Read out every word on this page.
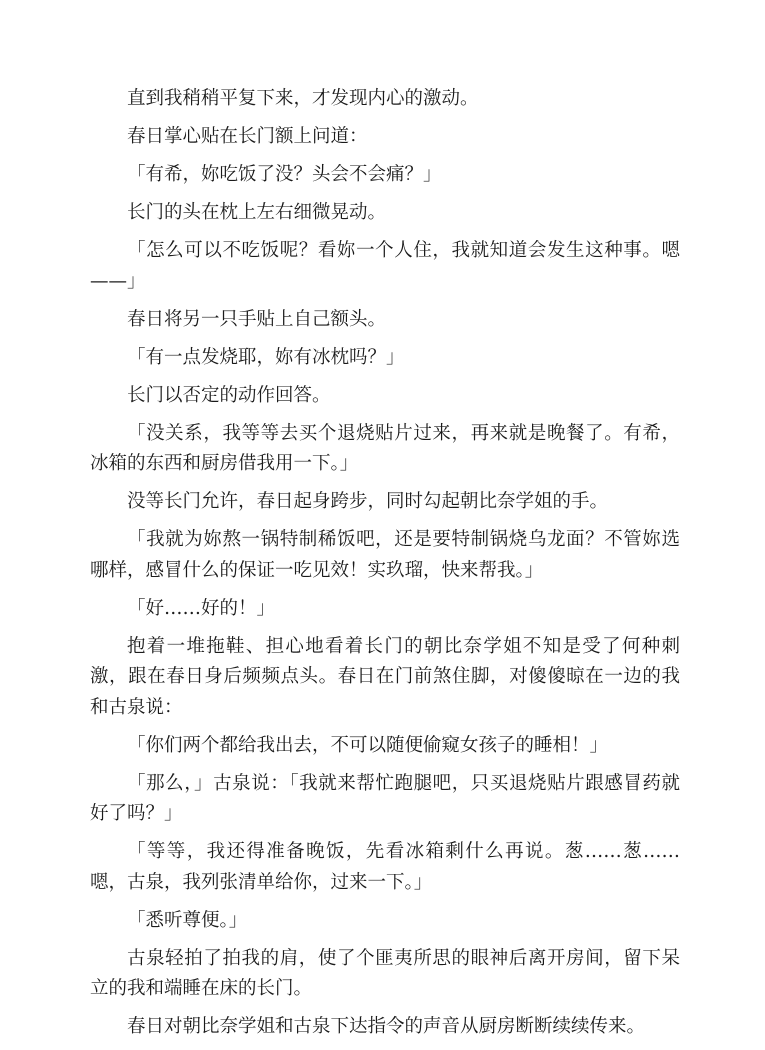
直到我稍稍平复下来，才发现内心的激动。

春日掌心贴在长门额上问道：

「有希，妳吃饭了没？头会不会痛？」

长门的头在枕上左右细微晃动。

「怎么可以不吃饭呢？看妳一个人住，我就知道会发生这种事。嗯——」

春日将另一只手贴上自己额头。

「有一点发烧耶，妳有冰枕吗？」

长门以否定的动作回答。

「没关系，我等等去买个退烧贴片过来，再来就是晚餐了。有希，冰箱的东西和厨房借我用一下。」

没等长门允许，春日起身跨步，同时勾起朝比奈学姐的手。

「我就为妳熬一锅特制稀饭吧，还是要特制锅烧乌龙面？不管妳选哪样，感冒什么的保证一吃见效！实玖瑠，快来帮我。」

「好……好的！」

抱着一堆拖鞋、担心地看着长门的朝比奈学姐不知是受了何种刺激，跟在春日身后频频点头。春日在门前煞住脚，对傻傻晾在一边的我和古泉说：

「你们两个都给我出去，不可以随便偷窥女孩子的睡相！」

「那么，」古泉说：「我就来帮忙跑腿吧，只买退烧贴片跟感冒药就好了吗？」

「等等，我还得准备晚饭，先看冰箱剩什么再说。葱……葱……嗯，古泉，我列张清单给你，过来一下。」

「悉听尊便。」

古泉轻拍了拍我的肩，使了个匪夷所思的眼神后离开房间，留下呆立的我和端睡在床的长门。

春日对朝比奈学姐和古泉下达指令的声音从厨房断断续续传来。
